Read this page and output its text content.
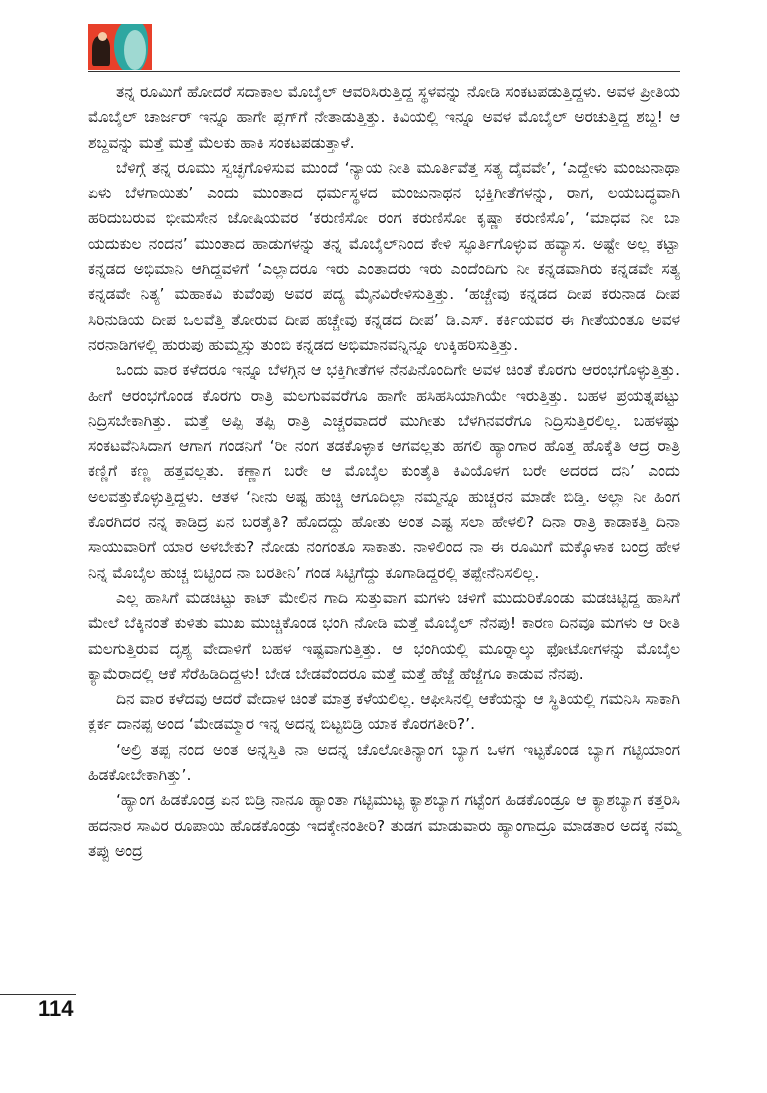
ತನ್ನ ರೂಮಿಗೆ ಹೋದರೆ ಸದಾಕಾಲ ಮೊಬೈಲ್ ಆವರಿಸಿರುತ್ತಿದ್ದ ಸ್ಥಳವನ್ನು ನೋಡಿ ಸಂಕಟಪಡುತ್ತಿದ್ದಳು. ಅವಳ ಪ್ರೀತಿಯ ಮೊಬೈಲ್ ಚಾರ್ಜರ್ ಇನ್ನೂ ಹಾಗೇ ಪ್ಲಗ್‌ಗೆ ನೇತಾಡುತ್ತಿತ್ತು. ಕಿವಿಯಲ್ಲಿ ಇನ್ನೂ ಅವಳ ಮೊಬೈಲ್ ಅರಚುತ್ತಿದ್ದ ಶಬ್ದ! ಆ ಶಬ್ದವನ್ನು ಮತ್ತೆ ಮತ್ತೆ ಮೆಲಕು ಹಾಕಿ ಸಂಕಟಪಡುತ್ತಾಳೆ.

ಬೆಳಿಗ್ಗೆ ತನ್ನ ರೂಮು ಸ್ವಚ್ಛಗೊಳಿಸುವ ಮುಂದೆ ‘ನ್ಯಾಯ ನೀತಿ ಮೂರ್ತಿವೆತ್ತ ಸತ್ಯ ದೈವವೇ’, ‘ಎದ್ದೇಳು ಮಂಜುನಾಥಾ ಏಳು ಬೆಳಗಾಯಿತು’ ಎಂದು ಮುಂತಾದ ಧರ್ಮಸ್ಥಳದ ಮಂಜುನಾಥನ ಭಕ್ತಿಗೀತೆಗಳನ್ನು, ರಾಗ, ಲಯಬದ್ಧವಾಗಿ ಹರಿದುಬರುವ ಭೀಮಸೇನ ಜೋಷಿಯವರ ‘ಕರುಣಿಸೋ ರಂಗ ಕರುಣಿಸೋ ಕೃಷ್ಣಾ ಕರುಣಿಸೊ’, ‘ಮಾಧವ ನೀ ಬಾ ಯದುಕುಲ ನಂದನ’ ಮುಂತಾದ ಹಾಡುಗಳನ್ನು ತನ್ನ ಮೊಬೈಲ್‌ನಿಂದ ಕೇಳಿ ಸ್ಫೂರ್ತಿಗೊಳ್ಳುವ ಹವ್ಯಾಸ. ಅಷ್ಟೇ ಅಲ್ಲ ಕಟ್ಟಾ ಕನ್ನಡದ ಅಭಿಮಾನಿ ಆಗಿದ್ದವಳಿಗೆ ‘ಎಲ್ಲಾದರೂ ಇರು ಎಂತಾದರು ಇರು ಎಂದೆಂದಿಗು ನೀ ಕನ್ನಡವಾಗಿರು ಕನ್ನಡವೇ ಸತ್ಯ ಕನ್ನಡವೇ ನಿತ್ಯ’ ಮಹಾಕವಿ ಕುವೆಂಪು ಅವರ ಪದ್ಯ ಮೈನವಿರೇಳಿಸುತ್ತಿತ್ತು. ‘ಹಚ್ಚೇವು ಕನ್ನಡದ ದೀಪ ಕರುನಾಡ ದೀಪ ಸಿರಿನುಡಿಯ ದೀಪ ಒಲವೆತ್ತಿ ತೋರುವ ದೀಪ ಹಚ್ಚೇವು ಕನ್ನಡದ ದೀಪ’ ಡಿ.ಎಸ್. ಕರ್ಕಿಯವರ ಈ ಗೀತೆಯಂತೂ ಅವಳ ನರನಾಡಿಗಳಲ್ಲಿ ಹುರುಪು ಹುಮ್ಮಸ್ಸು ತುಂಬಿ ಕನ್ನಡದ ಅಭಿಮಾನವನ್ನಿನ್ನೂ ಉಕ್ಕಿಹರಿಸುತ್ತಿತ್ತು.

ಒಂದು ವಾರ ಕಳೆದರೂ ಇನ್ನೂ ಬೆಳಗ್ಗಿನ ಆ ಭಕ್ತಿಗೀತೆಗಳ ನೆನಪಿನೊಂದಿಗೇ ಅವಳ ಚಿಂತೆ ಕೊರಗು ಆರಂಭಗೊಳ್ಳುತ್ತಿತ್ತು. ಹೀಗೆ ಆರಂಭಗೊಂಡ ಕೊರಗು ರಾತ್ರಿ ಮಲಗುವವರೆಗೂ ಹಾಗೇ ಹಸಿಹಸಿಯಾಗಿಯೇ ಇರುತ್ತಿತ್ತು. ಬಹಳ ಪ್ರಯತ್ನಪಟ್ಟು ನಿದ್ರಿಸಬೇಕಾಗಿತ್ತು. ಮತ್ತೆ ಅಪ್ಪಿ ತಪ್ಪಿ ರಾತ್ರಿ ಎಚ್ಚರವಾದರೆ ಮುಗೀತು ಬೆಳಗಿನವರೆಗೂ ನಿದ್ರಿಸುತ್ತಿರಲಿಲ್ಲ. ಬಹಳಷ್ಟು ಸಂಕಟವೆನಿಸಿದಾಗ ಆಗಾಗ ಗಂಡನಿಗೆ ‘ರೀ ನಂಗ ತಡಕೊಳ್ಳಾಕ ಆಗವಲ್ಲತು ಹಗಲಿ ಹ್ಯಾಂಗಾರ ಹೊತ್ತ ಹೊಕ್ಕೆತಿ ಆದ್ರ ರಾತ್ರಿ ಕಣ್ಣಿಗೆ ಕಣ್ಣ ಹತ್ತವಲ್ಲತು. ಕಣ್ಣಾಗ ಬರೇ ಆ ಮೊಬೈಲ ಕುಂತೈತಿ ಕಿವಿಯೊಳಗ ಬರೇ ಅದರದ ದನಿ’ ಎಂದು ಅಲವತ್ತುಕೊಳ್ಳುತ್ತಿದ್ದಳು. ಆತಳ ‘ನೀನು ಅಷ್ಟ ಹುಚ್ಚಿ ಆಗೂದಿಲ್ಲಾ ನಮ್ಮನ್ನೂ ಹುಚ್ಚರನ ಮಾಡೇ ಬಿಡ್ತಿ. ಅಲ್ಲಾ ನೀ ಹಿಂಗ ಕೊರಗಿದರ ನನ್ನ ಕಾಡಿದ್ರ ಏನ ಬರತೈತಿ? ಹೊದದ್ದು ಹೋತು ಅಂತ ಎಷ್ಟ ಸಲಾ ಹೇಳಲಿ? ದಿನಾ ರಾತ್ರಿ ಕಾಡಾಕತ್ತಿ ದಿನಾ ಸಾಯುವಾರಿಗೆ ಯಾರ ಅಳಬೇಕು? ನೋಡು ನಂಗಂತೂ ಸಾಕಾತು. ನಾಳಿಲಿಂದ ನಾ ಈ ರೂಮಿಗೆ ಮಕ್ಕೊಳಾಕ ಬಂದ್ರ ಹೇಳ ನಿನ್ನ ಮೊಬೈಲ ಹುಚ್ಚ ಬಿಟ್ಟಿಂದ ನಾ ಬರತೀನಿ’ ಗಂಡ ಸಿಟ್ಟಿಗೆದ್ದು ಕೂಗಾಡಿದ್ದರಲ್ಲಿ ತಪ್ಪೇನೆನಿಸಲಿಲ್ಲ.

ಎಲ್ಲ ಹಾಸಿಗೆ ಮಡಚಿಟ್ಟು ಕಾಟ್ ಮೇಲಿನ ಗಾದಿ ಸುತ್ತುವಾಗ ಮಗಳು ಚಳಿಗೆ ಮುದುರಿಕೊಂಡು ಮಡಚಿಟ್ಟಿದ್ದ ಹಾಸಿಗೆ ಮೇಲೆ ಬೆಕ್ಕಿನಂತೆ ಕುಳಿತು ಮುಖ ಮುಚ್ಚಿಕೊಂಡ ಭಂಗಿ ನೋಡಿ ಮತ್ತೆ ಮೊಬೈಲ್ ನೆನಪು! ಕಾರಣ ದಿನವೂ ಮಗಳು ಆ ರೀತಿ ಮಲಗುತ್ತಿರುವ ದೃಶ್ಯ ವೇದಾಳಿಗೆ ಬಹಳ ಇಷ್ಟವಾಗುತ್ತಿತ್ತು. ಆ ಭಂಗಿಯಲ್ಲಿ ಮೂರ್‍ನಾಲ್ಕು ಫೋಟೋಗಳನ್ನು ಮೊಬೈಲ ಕ್ಯಾಮೆರಾದಲ್ಲಿ ಆಕೆ ಸೆರೆಹಿಡಿದಿದ್ದಳು! ಬೇಡ ಬೇಡವೆಂದರೂ ಮತ್ತೆ ಮತ್ತೆ ಹೆಜ್ಜೆ ಹೆಜ್ಜೆಗೂ ಕಾಡುವ ನೆನಪು.

ದಿನ ವಾರ ಕಳೆದವು ಆದರೆ ವೇದಾಳ ಚಿಂತೆ ಮಾತ್ರ ಕಳೆಯಲಿಲ್ಲ. ಆಫೀಸಿನಲ್ಲಿ ಆಕೆಯನ್ನು ಆ ಸ್ಥಿತಿಯಲ್ಲಿ ಗಮನಿಸಿ ಸಾಕಾಗಿ ಕ್ಲರ್ಕ ದಾನಪ್ಪ ಅಂದ ‘ಮೇಡಮ್ಮಾರ ಇನ್ನ ಅದನ್ನ ಬಿಟ್ಟಬಿಡ್ರಿ ಯಾಕ ಕೊರಗತೀರಿ?’.

‘ಅಲ್ರಿ ತಪ್ಪ ನಂದ ಅಂತ ಅನ್ನಸ್ತಿತಿ ನಾ ಅದನ್ನ ಚೊಲೋತಿನ್ಯಾಂಗ ಬ್ಯಾಗ ಒಳಗ ಇಟ್ಟಕೊಂಡ ಬ್ಯಾಗ ಗಟ್ಟಿಯಾಂಗ ಹಿಡಕೋಬೇಕಾಗಿತ್ತು’.

‘ಹ್ಯಾಂಗ ಹಿಡಕೊಂಡ್ರ ಏನ ಬಿಡ್ರಿ ನಾನೂ ಹ್ಯಾಂತಾ ಗಟ್ಟಿಮುಟ್ಟ ಕ್ಯಾಶಬ್ಯಾಗ ಗಟ್ಟೆಂಗ ಹಿಡಕೊಂಡ್ರೂ ಆ ಕ್ಯಾಶಬ್ಯಾಗ ಕತ್ತರಿಸಿ ಹದನಾರ ಸಾವಿರ ರೂಪಾಯಿ ಹೊಡಕೊಂಡ್ರು ಇದಕ್ಕೇನಂತೀರಿ? ತುಡಗ ಮಾಡುವಾರು ಹ್ಯಾಂಗಾದ್ರೂ ಮಾಡತಾರ ಅದಕ್ಕ ನಮ್ಮ ತಪ್ಪು ಅಂದ್ರ

114
